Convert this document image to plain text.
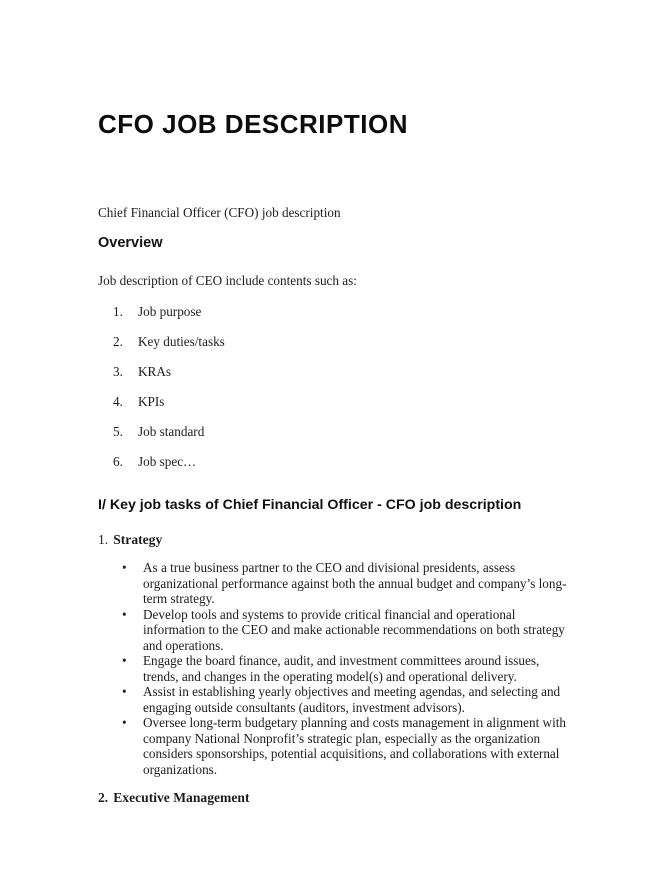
CFO JOB DESCRIPTION

Chief Financial Officer (CFO) job description

Overview

Job description of CEO include contents such as:

Job purpose
Key duties/tasks
KRAs
KPIs
Job standard
Job spec…
I/ Key job tasks of Chief Financial Officer - CFO job description

1. Strategy

• As a true business partner to the CEO and divisional presidents, assess organizational performance against both the annual budget and company’s long-term strategy.
• Develop tools and systems to provide critical financial and operational information to the CEO and make actionable recommendations on both strategy and operations.
• Engage the board finance, audit, and investment committees around issues, trends, and changes in the operating model(s) and operational delivery.
• Assist in establishing yearly objectives and meeting agendas, and selecting and engaging outside consultants (auditors, investment advisors).
• Oversee long-term budgetary planning and costs management in alignment with company National Nonprofit’s strategic plan, especially as the organization considers sponsorships, potential acquisitions, and collaborations with external organizations.

2. Executive Management
